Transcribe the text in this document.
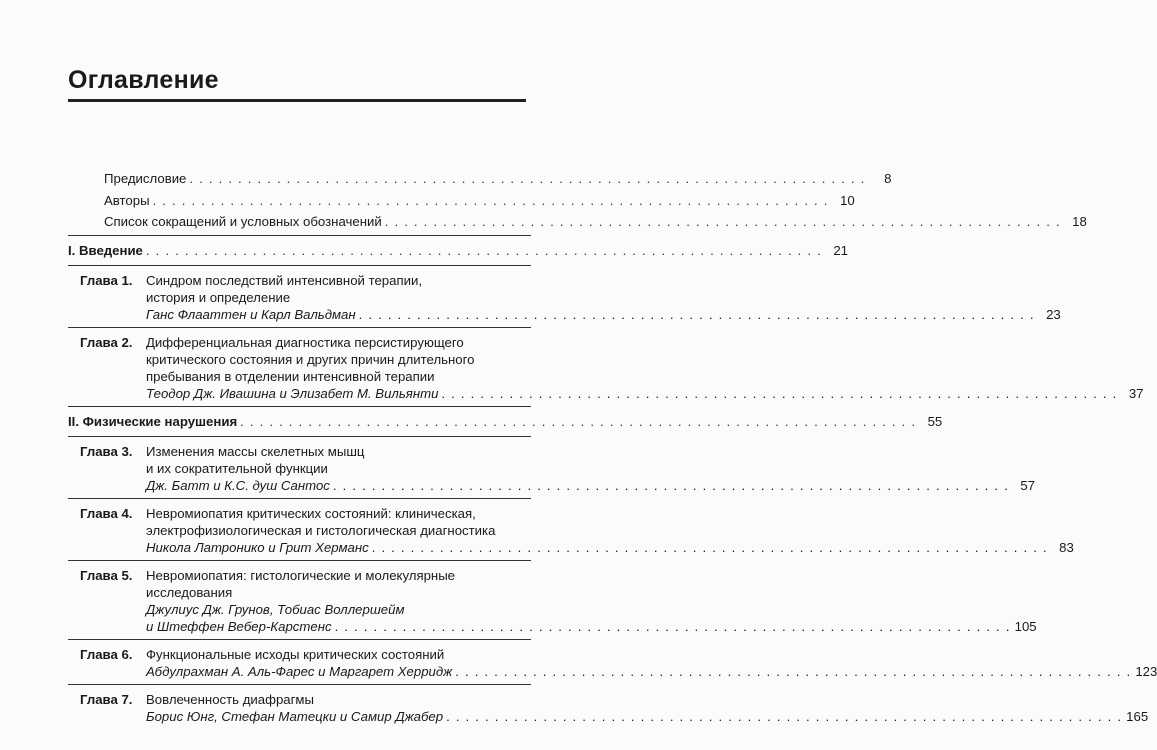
Оглавление
Предисловие . . . . . . . . . . . . . . . . . . . . . . . . . . . . . . . . . . . . . . . . . . . . . . . . . . . . . . . . . . . . . . . . . . . . . .	8
Авторы . . . . . . . . . . . . . . . . . . . . . . . . . . . . . . . . . . . . . . . . . . . . . . . . . . . . . . . . . . . . . . . . . . . . . . 10
Список сокращений и условных обозначений . . . . . . . . . . . . . . . . . . . . . . . . . . . . . . . . . . . . . . . . . . . . . . . . . . . . . . . . . . . . . . . . . . . . . . 18
I. Введение . . . . . . . . . . . . . . . . . . . . . . . . . . . . . . . . . . . . . . . . . . . . . . . . . . . . . . . . . . . . . . . . . . . . . . 21
Глава 1.	Синдром последствий интенсивной терапии,
история и определение
Ганс Флааттен и Карл Вальдман . . . . . . . . . . . . . . . . . . . . . . . . . . . . . . . . . . . . . . . . . . . . . . . . . . . . . . . . . . . . . . . . . . . . . . 23
Глава 2.	Дифференциальная диагностика персистирующего
критического состояния и других причин длительного
пребывания в отделении интенсивной терапии
Теодор Дж. Ивашина и Элизабет М. Вильянти . . . . . . . . . . . . . . . . . . . . . . . . . . . . . . . . . . . . . . . . . . . . . . . . . . . . . . . . . . . . . . . . . . . . . . 37
II. Физические нарушения . . . . . . . . . . . . . . . . . . . . . . . . . . . . . . . . . . . . . . . . . . . . . . . . . . . . . . . . . . . . . . . . . . . . . . 55
Глава 3.	Изменения массы скелетных мышц
и их сократительной функции
Дж. Батт и К.С. душ Сантос . . . . . . . . . . . . . . . . . . . . . . . . . . . . . . . . . . . . . . . . . . . . . . . . . . . . . . . . . . . . . . . . . . . . . . 57
Глава 4.	Невромиопатия критических состояний: клиническая,
электрофизиологическая и гистологическая диагностика
Никола Латронико и Грит Херманс . . . . . . . . . . . . . . . . . . . . . . . . . . . . . . . . . . . . . . . . . . . . . . . . . . . . . . . . . . . . . . . . . . . . . . 83
Глава 5.	Невромиопатия: гистологические и молекулярные
исследования
Джулиус Дж. Грунов, Тобиас Воллершейм
и Штеффен Вебер-Карстенс . . . . . . . . . . . . . . . . . . . . . . . . . . . . . . . . . . . . . . . . . . . . . . . . . . . . . . . . . . . . . . . . . . . . . . 105
Глава 6.	Функциональные исходы критических состояний
Абдулрахман А. Аль-Фарес и Маргарет Херридж . . . . . . . . . . . . . . . . . . . . . . . . . . . . . . . . . . . . . . . . . . . . . . . . . . . . . . . . . . . . . . . . . . . . . . 123
Глава 7.	Вовлеченность диафрагмы
Борис Юнг, Стефан Матецки и Самир Джабер . . . . . . . . . . . . . . . . . . . . . . . . . . . . . . . . . . . . . . . . . . . . . . . . . . . . . . . . . . . . . . . . . . . . . . 165
